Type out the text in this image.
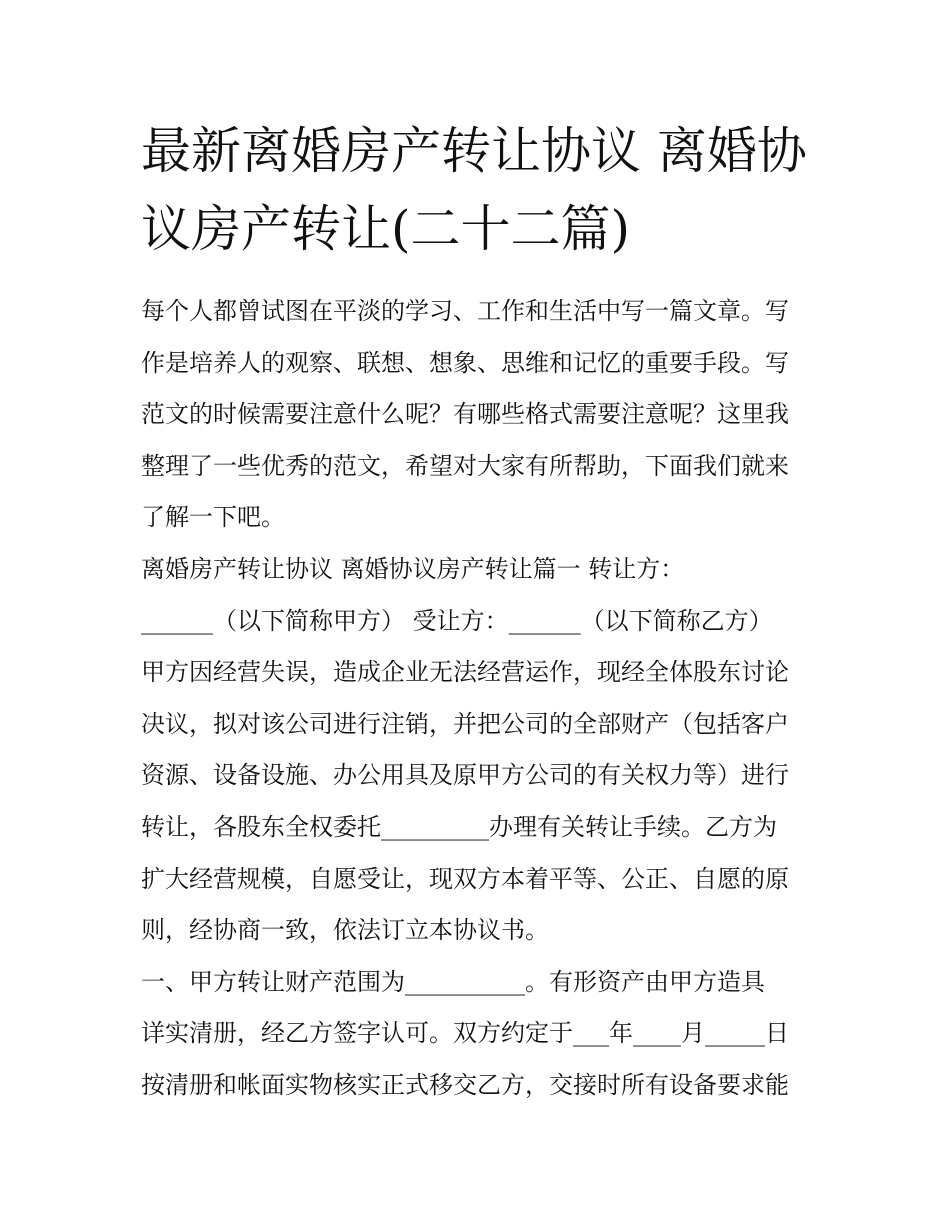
最新离婚房产转让协议 离婚协
议房产转让(二十二篇)
每个人都曾试图在平淡的学习、工作和生活中写一篇文章。写
作是培养人的观察、联想、想象、思维和记忆的重要手段。写
范文的时候需要注意什么呢？有哪些格式需要注意呢？这里我
整理了一些优秀的范文，希望对大家有所帮助，下面我们就来
了解一下吧。
离婚房产转让协议 离婚协议房产转让篇一 转让方：
______（以下简称甲方） 受让方：______（以下简称乙方）
甲方因经营失误，造成企业无法经营运作，现经全体股东讨论
决议，拟对该公司进行注销，并把公司的全部财产（包括客户
资源、设备设施、办公用具及原甲方公司的有关权力等）进行
转让，各股东全权委托_________办理有关转让手续。乙方为
扩大经营规模，自愿受让，现双方本着平等、公正、自愿的原
则，经协商一致，依法订立本协议书。
一、甲方转让财产范围为__________。有形资产由甲方造具
详实清册，经乙方签字认可。双方约定于___年____月_____日
按清册和帐面实物核实正式移交乙方，交接时所有设备要求能
